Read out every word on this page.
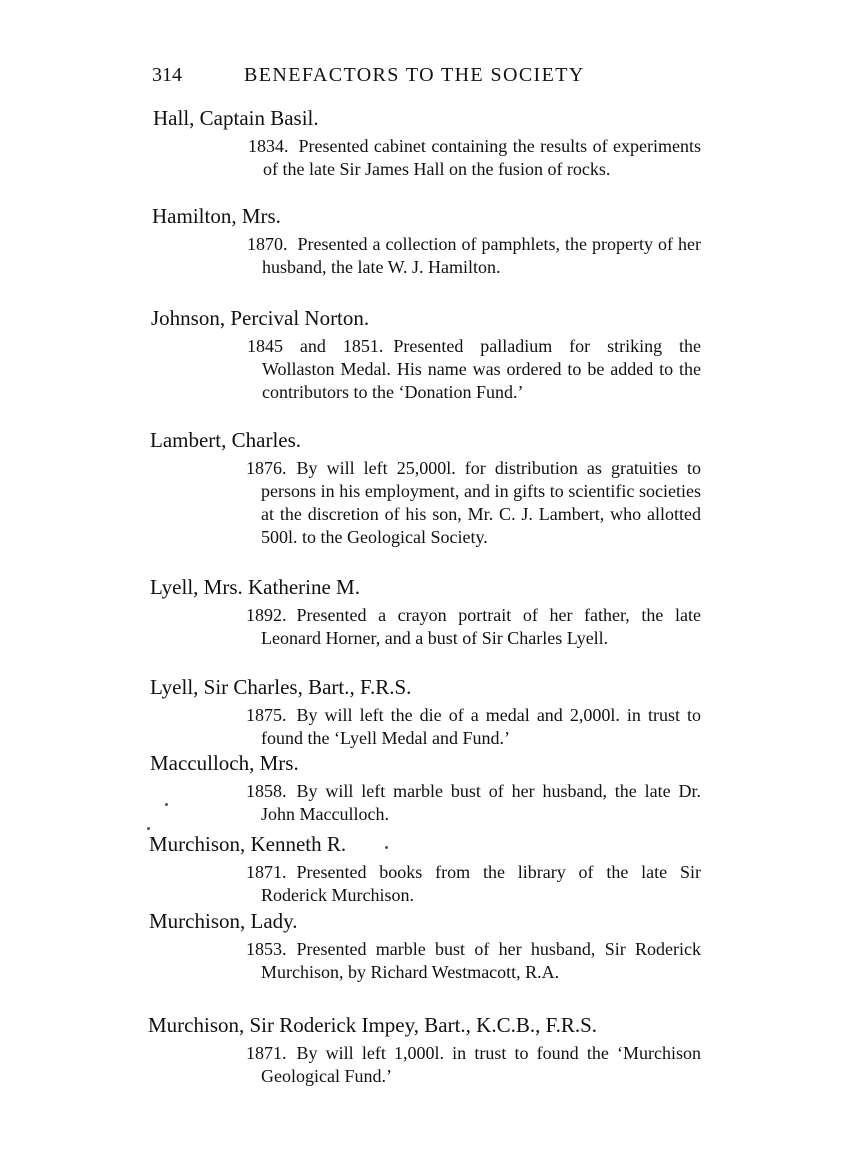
314	BENEFACTORS TO THE SOCIETY
Hall, Captain Basil.
1834. Presented cabinet containing the results of experiments of the late Sir James Hall on the fusion of rocks.
Hamilton, Mrs.
1870. Presented a collection of pamphlets, the property of her husband, the late W. J. Hamilton.
Johnson, Percival Norton.
1845 and 1851. Presented palladium for striking the Wollaston Medal. His name was ordered to be added to the contributors to the ‘Donation Fund.’
Lambert, Charles.
1876. By will left 25,000l. for distribution as gratuities to persons in his employment, and in gifts to scientific societies at the discretion of his son, Mr. C. J. Lambert, who allotted 500l. to the Geological Society.
Lyell, Mrs. Katherine M.
1892. Presented a crayon portrait of her father, the late Leonard Horner, and a bust of Sir Charles Lyell.
Lyell, Sir Charles, Bart., F.R.S.
1875. By will left the die of a medal and 2,000l. in trust to found the ‘Lyell Medal and Fund.’
Macculloch, Mrs.
1858. By will left marble bust of her husband, the late Dr. John Macculloch.
Murchison, Kenneth R.
1871. Presented books from the library of the late Sir Roderick Murchison.
Murchison, Lady.
1853. Presented marble bust of her husband, Sir Roderick Murchison, by Richard Westmacott, R.A.
Murchison, Sir Roderick Impey, Bart., K.C.B., F.R.S.
1871. By will left 1,000l. in trust to found the ‘Murchison Geological Fund.’
